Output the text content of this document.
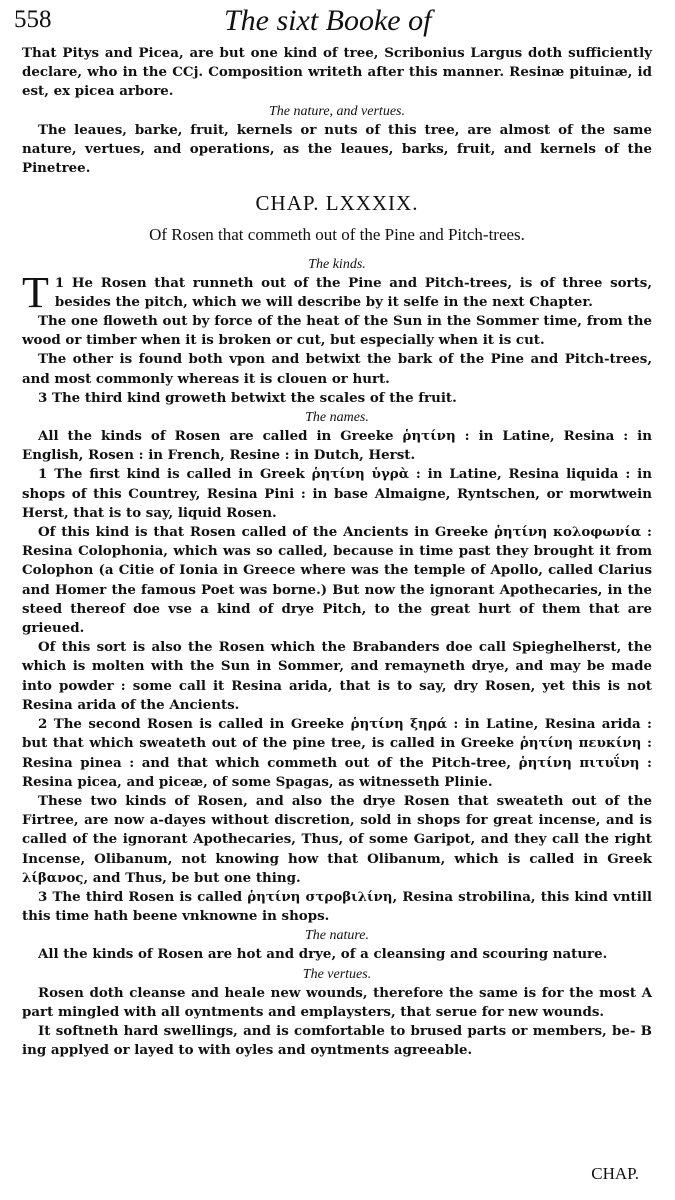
558	The sixt Booke of

That Pitys and Picea, are but one kind of tree, Scribonius Largus doth sufficiently declare, who in the CCj. Composition writeth after this manner. Resinæ pituinæ, id est, ex picea arbore.

The nature, and vertues.

The leaues, barke, fruit, kernels or nuts of this tree, are almost of the same nature, vertues, and operations, as the leaues, barks, fruit, and kernels of the Pinetree.

CHAP. LXXXIX.

Of Rosen that commeth out of the Pine and Pitch-trees.

The kinds.

T 1 He Rosen that runneth out of the Pine and Pitch-trees, is of three sorts, besides the pitch, which we will describe by it selfe in the next Chapter.

The one floweth out by force of the heat of the Sun in the Sommer time, from the wood or timber when it is broken or cut, but especially when it is cut.

The other is found both vpon and betwixt the bark of the Pine and Pitch-trees, and most commonly whereas it is clouen or hurt.

3 The third kind groweth betwixt the scales of the fruit.

The names.

All the kinds of Rosen are called in Greeke ῥητίνη : in Latine, Resina : in English, Rosen : in French, Resine : in Dutch, Herst.

1 The first kind is called in Greek ῥητίνη ὑγρὰ : in Latine, Resina liquida : in shops of this Countrey, Resina Pini : in base Almaigne, Ryntschen, or morwtwein Herst, that is to say, liquid Rosen.

Of this kind is that Rosen called of the Ancients in Greeke ῥητίνη κολοφωνία : Resina Colophonia, which was so called, because in time past they brought it from Colophon (a Citie of Ionia in Greece where was the temple of Apollo, called Clarius and Homer the famous Poet was borne.) But now the ignorant Apothecaries, in the steed thereof doe vse a kind of drye Pitch, to the great hurt of them that are grieued.

Of this sort is also the Rosen which the Brabanders doe call Spieghelherst, the which is molten with the Sun in Sommer, and remayneth drye, and may be made into powder : some call it Resina arida, that is to say, dry Rosen, yet this is not Resina arida of the Ancients.

2 The second Rosen is called in Greeke ῥητίνη ξηρά : in Latine, Resina arida : but that which sweateth out of the pine tree, is called in Greeke ῥητίνη πευκίνη : Resina pinea : and that which commeth out of the Pitch-tree, ῥητίνη πιτυΐνη : Resina picea, and piceæ, of some Spagas, as witnesseth Plinie.

These two kinds of Rosen, and also the drye Rosen that sweateth out of the Firtree, are now a-dayes without discretion, sold in shops for great incense, and is called of the ignorant Apothecaries, Thus, of some Garipot, and they call the right Incense, Olibanum, not knowing how that Olibanum, which is called in Greek λίβανος, and Thus, be but one thing.

3 The third Rosen is called ῥητίνη στροβιλίνη, Resina strobilina, this kind vntill this time hath beene vnknowne in shops.

The nature.

All the kinds of Rosen are hot and drye, of a cleansing and scouring nature.

The vertues.

Rosen doth cleanse and heale new wounds, therefore the same is for the most A part mingled with all oyntments and emplaysters, that serue for new wounds.

It softneth hard swellings, and is comfortable to brused parts or members, be- B ing applyed or layed to with oyles and oyntments agreeable.

CHAP.
